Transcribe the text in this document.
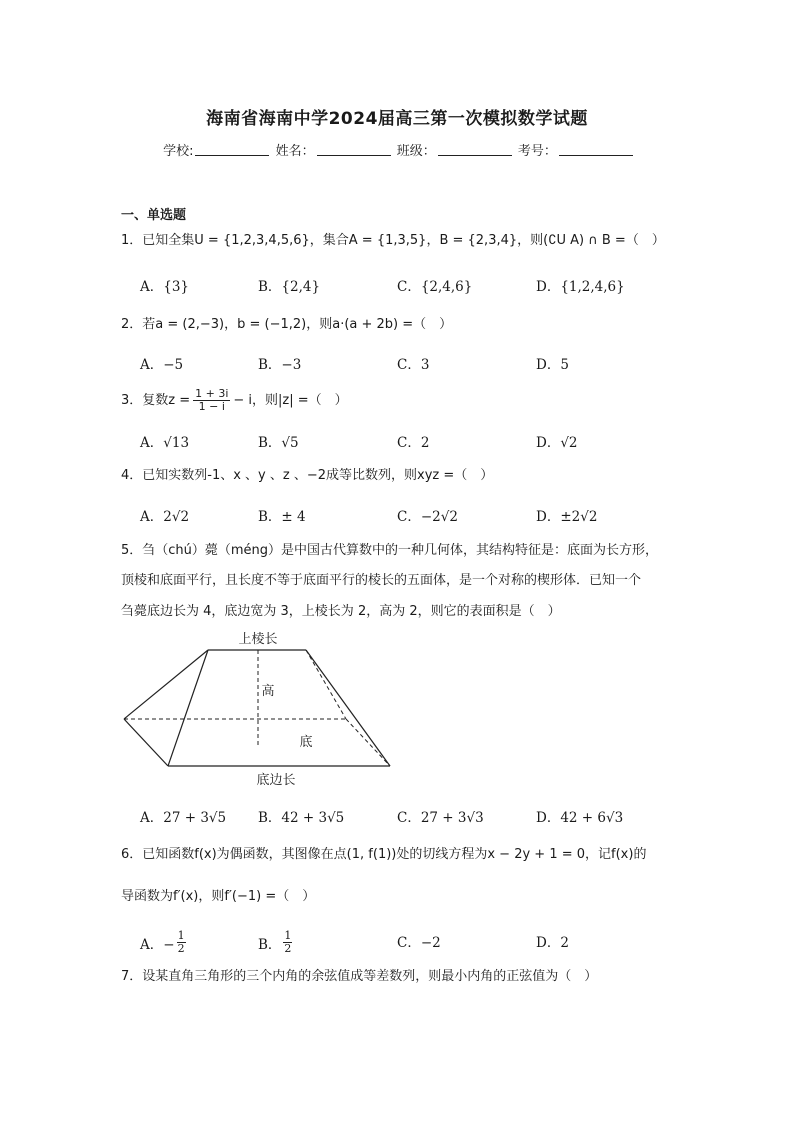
海南省海南中学2024届高三第一次模拟数学试题
学校:	姓名：	班级：	考号：
一、单选题
1．已知全集U = {1,2,3,4,5,6}，集合A = {1,3,5}，B = {2,3,4}，则(∁U A) ∩ B =（　）
A．{3}	B．{2,4}	C．{2,4,6}	D．{1,2,4,6}
2．若a = (2,−3)，b = (−1,2)，则a·(a + 2b) =（　）
A．−5	B．−3	C．3	D．5
3．复数$z = \frac{1 + 3i}{1 - i} - i$，则|z| =（　）
A．√13	B．√5	C．2	D．√2
4．已知实数列-1、x 、y 、z 、−2成等比数列，则xyz =（　）
A．2√2	B．± 4	C．−2√2	D．±2√2
5．刍（chú）薨（méng）是中国古代算数中的一种几何体，其结构特征是：底面为长方形，
顶棱和底面平行，且长度不等于底面平行的棱长的五面体，是一个对称的楔形体．已知一个
刍薨底边长为 4，底边宽为 3，上棱长为 2，高为 2，则它的表面积是（　）
上棱长
高
底
底边长
A．27 + 3√5 B．42 + 3√5	C．27 + 3√3	D．42 + 6√3
6．已知函数f(x)为偶函数，其图像在点(1, f(1))处的切线方程为x − 2y + 1 = 0，记f(x)的
导函数为f′(x)，则f′(−1) =（　）
A．− $\frac{1}{2}$	B． $\frac{1}{2}$	C．−2	D．2
7．设某直角三角形的三个内角的余弦值成等差数列，则最小内角的正弦值为（　）
